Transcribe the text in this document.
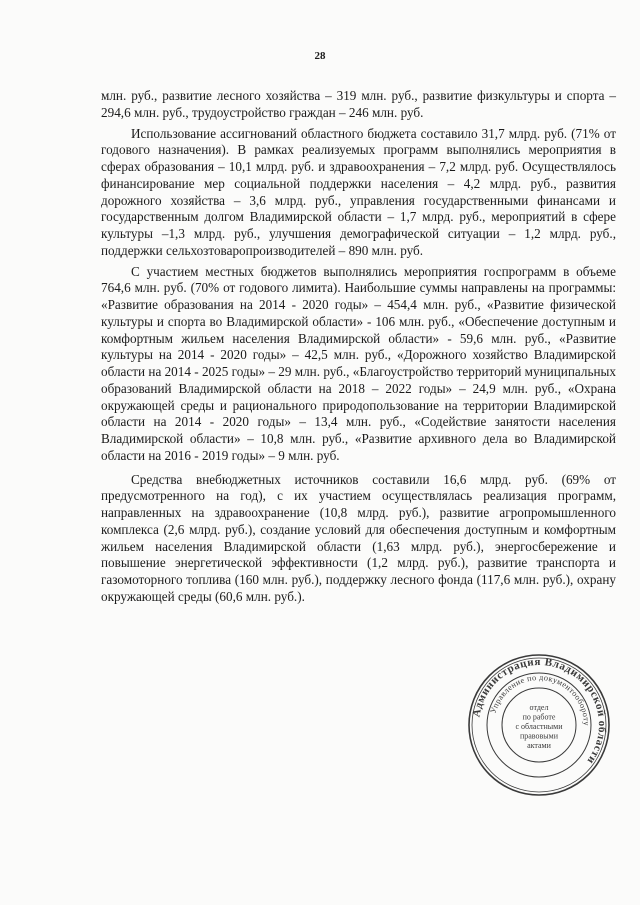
28

млн. руб., развитие лесного хозяйства – 319 млн. руб., развитие физкультуры и спорта – 294,6 млн. руб., трудоустройство граждан – 246 млн. руб.

Использование ассигнований областного бюджета составило 31,7 млрд. руб. (71% от годового назначения). В рамках реализуемых программ выполнялись мероприятия в сферах образования – 10,1 млрд. руб. и здравоохранения – 7,2 млрд. руб. Осуществлялось финансирование мер социальной поддержки населения – 4,2 млрд. руб., развития дорожного хозяйства – 3,6 млрд. руб., управления государственными финансами и государственным долгом Владимирской области – 1,7 млрд. руб., мероприятий в сфере культуры –1,3 млрд. руб., улучшения демографической ситуации – 1,2 млрд. руб., поддержки сельхозтоваропроизводителей – 890 млн. руб.

С участием местных бюджетов выполнялись мероприятия госпрограмм в объеме 764,6 млн. руб. (70% от годового лимита). Наибольшие суммы направлены на программы: «Развитие образования на 2014 - 2020 годы» – 454,4 млн. руб., «Развитие физической культуры и спорта во Владимирской области» - 106 млн. руб., «Обеспечение доступным и комфортным жильем населения Владимирской области» - 59,6 млн. руб., «Развитие культуры на 2014 - 2020 годы» – 42,5 млн. руб., «Дорожного хозяйство Владимирской области на 2014 - 2025 годы» – 29 млн. руб., «Благоустройство территорий муниципальных образований Владимирской области на 2018 – 2022 годы» – 24,9 млн. руб., «Охрана окружающей среды и рационального природопользование на территории Владимирской области на 2014 - 2020 годы» – 13,4 млн. руб., «Содействие занятости населения Владимирской области» – 10,8 млн. руб., «Развитие архивного дела во Владимирской области на 2016 - 2019 годы» – 9 млн. руб.

Средства внебюджетных источников составили 16,6 млрд. руб. (69% от предусмотренного на год), с их участием осуществлялась реализация программ, направленных на здравоохранение (10,8 млрд. руб.), развитие агропромышленного комплекса (2,6 млрд. руб.), создание условий для обеспечения доступным и комфортным жильем населения Владимирской области (1,63 млрд. руб.), энергосбережение и повышение энергетической эффективности (1,2 млрд. руб.), развитие транспорта и газомоторного топлива (160 млн. руб.), поддержку лесного фонда (117,6 млн. руб.), охрану окружающей среды (60,6 млн. руб.).

Администрация Владимирской области
Управление по документообороту
отдел
по работе
с областными
правовыми
актами
